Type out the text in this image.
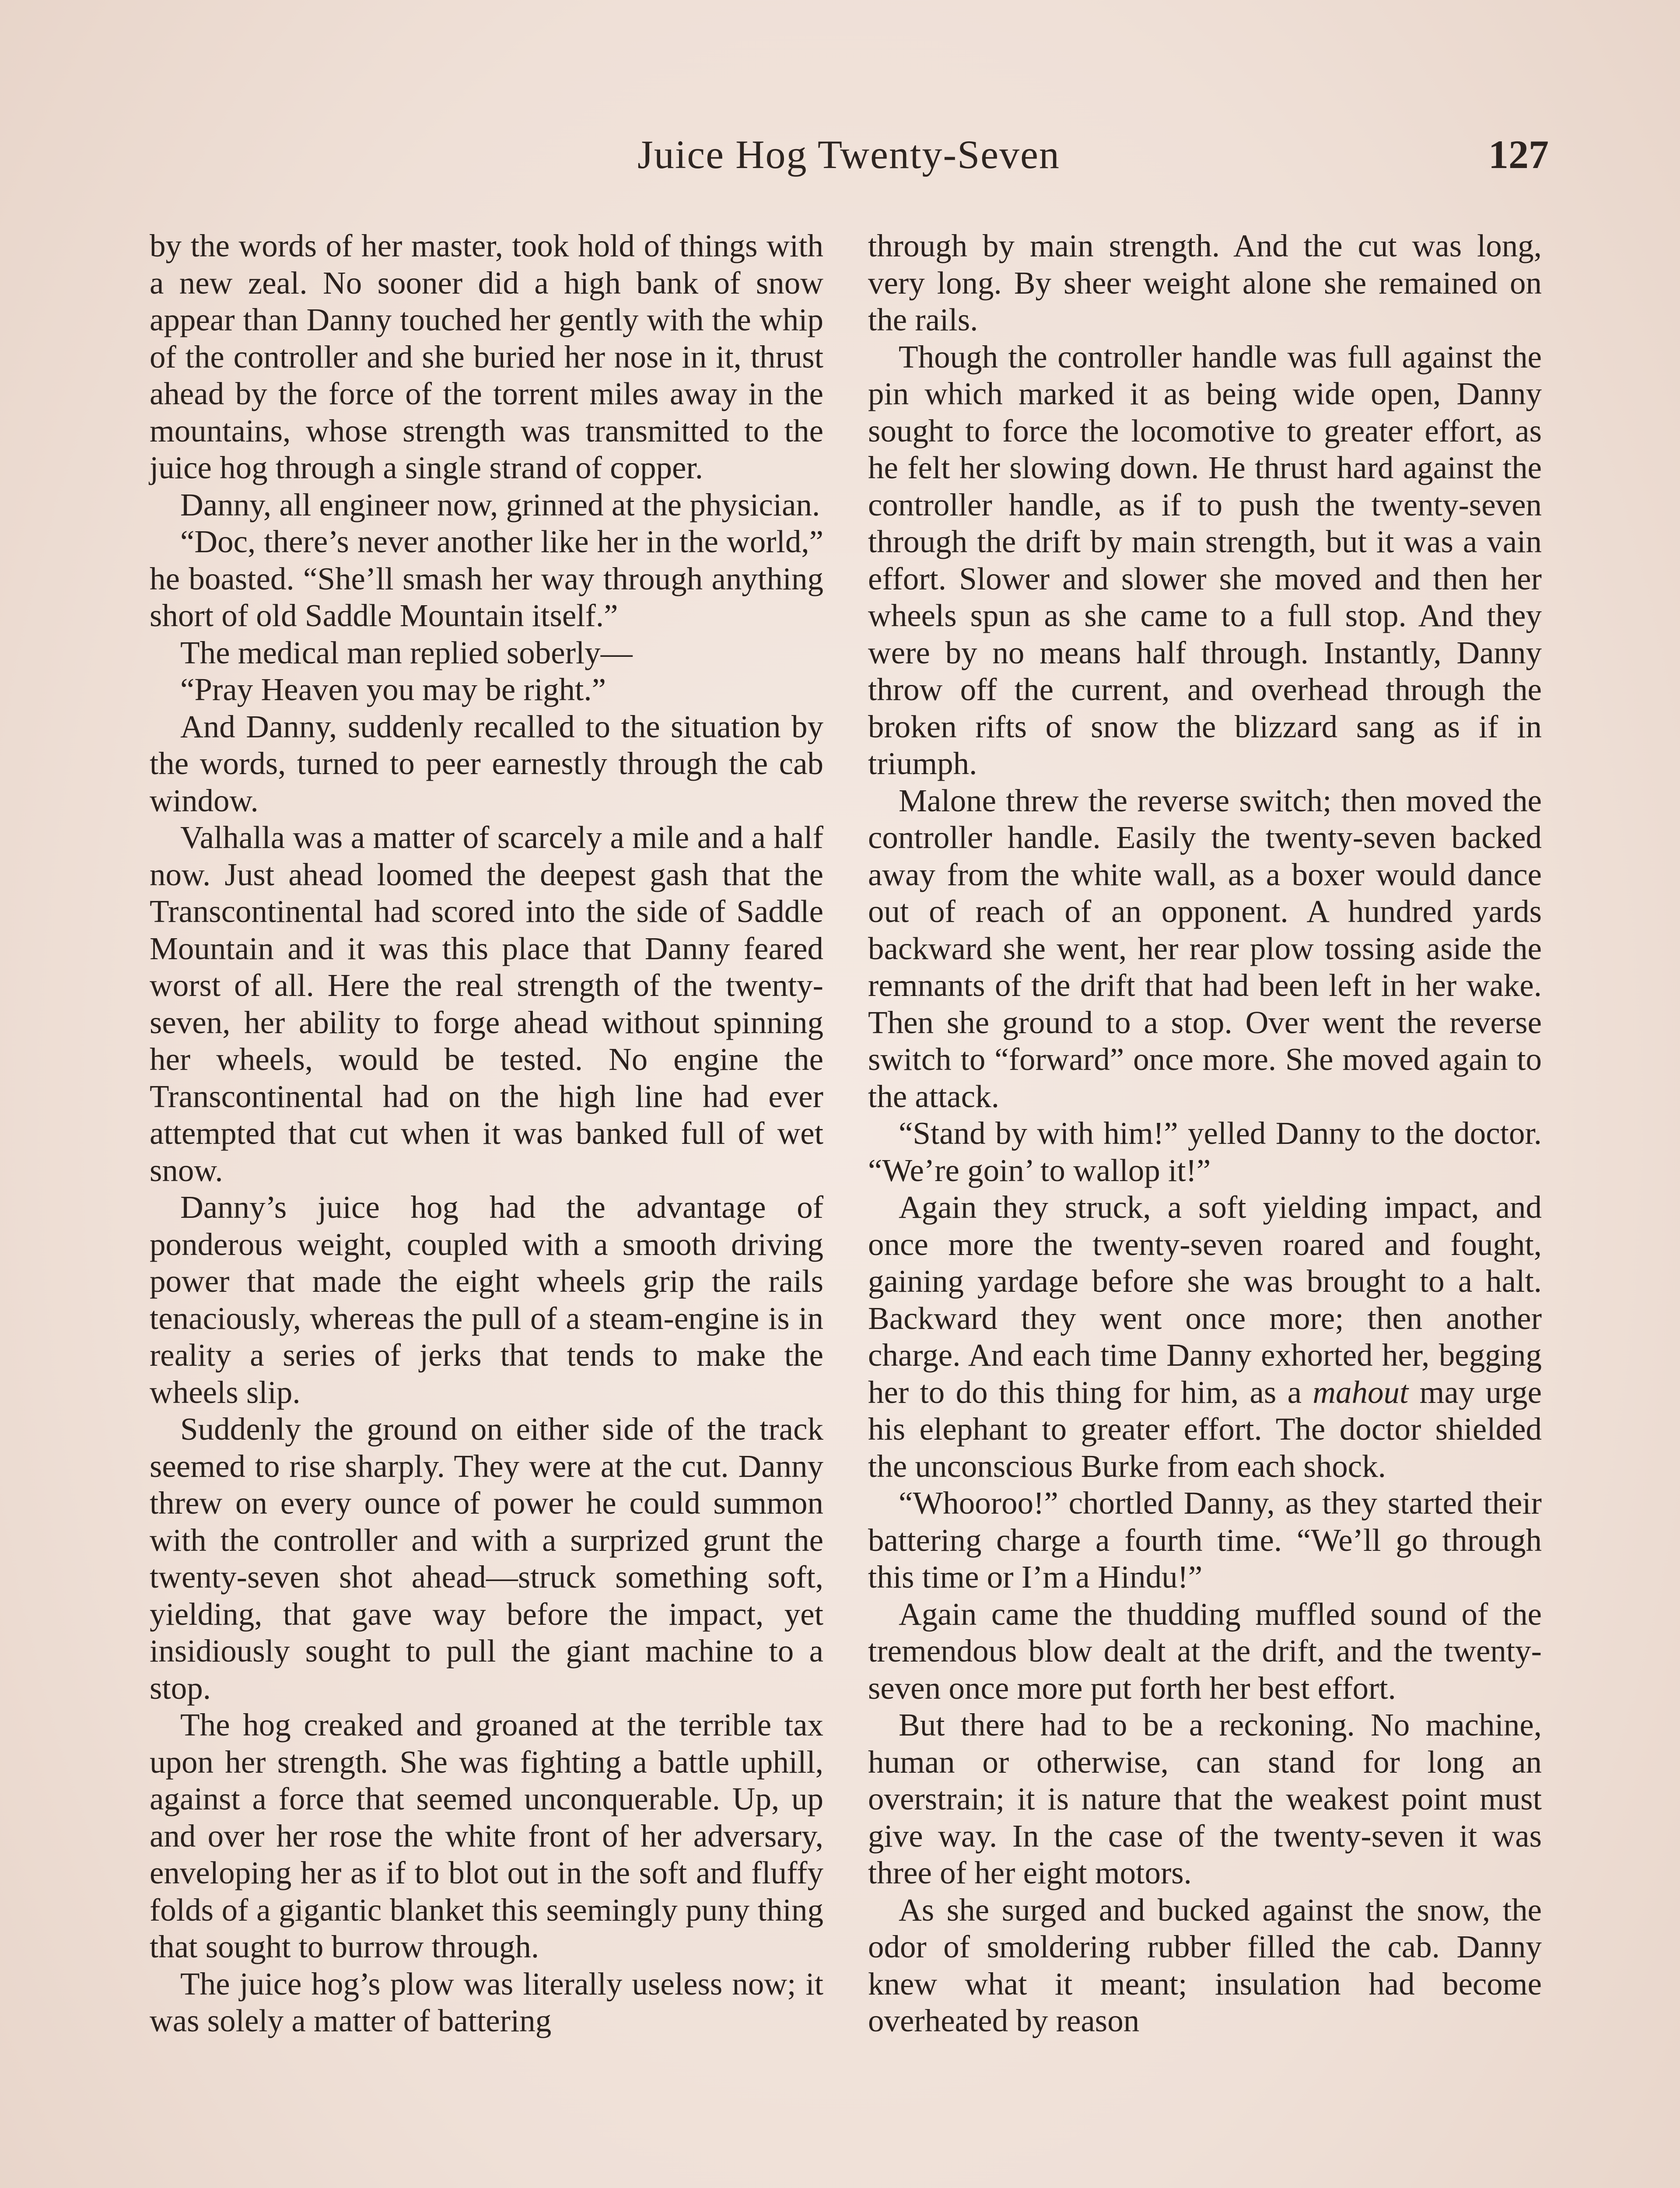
Juice Hog Twenty-Seven	127

by the words of her master, took hold of things with a new zeal. No sooner did a high bank of snow appear than Danny touched her gently with the whip of the controller and she buried her nose in it, thrust ahead by the force of the torrent miles away in the mountains, whose strength was transmitted to the juice hog through a single strand of copper.

Danny, all engineer now, grinned at the physician.

“Doc, there’s never another like her in the world,” he boasted. “She’ll smash her way through anything short of old Saddle Mountain itself.”

The medical man replied soberly—

“Pray Heaven you may be right.”

And Danny, suddenly recalled to the situation by the words, turned to peer earnestly through the cab window.

Valhalla was a matter of scarcely a mile and a half now. Just ahead loomed the deepest gash that the Transcontinental had scored into the side of Saddle Mountain and it was this place that Danny feared worst of all. Here the real strength of the twenty-seven, her ability to forge ahead without spinning her wheels, would be tested. No engine the Transcontinental had on the high line had ever attempted that cut when it was banked full of wet snow.

Danny’s juice hog had the advantage of ponderous weight, coupled with a smooth driving power that made the eight wheels grip the rails tenaciously, whereas the pull of a steam-engine is in reality a series of jerks that tends to make the wheels slip.

Suddenly the ground on either side of the track seemed to rise sharply. They were at the cut. Danny threw on every ounce of power he could summon with the controller and with a surprized grunt the twenty-seven shot ahead—struck something soft, yielding, that gave way before the impact, yet insidiously sought to pull the giant machine to a stop.

The hog creaked and groaned at the terrible tax upon her strength. She was fighting a battle uphill, against a force that seemed unconquerable. Up, up and over her rose the white front of her adversary, enveloping her as if to blot out in the soft and fluffy folds of a gigantic blanket this seemingly puny thing that sought to burrow through.

The juice hog’s plow was literally useless now; it was solely a matter of battering

through by main strength. And the cut was long, very long. By sheer weight alone she remained on the rails.

Though the controller handle was full against the pin which marked it as being wide open, Danny sought to force the locomotive to greater effort, as he felt her slowing down. He thrust hard against the controller handle, as if to push the twenty-seven through the drift by main strength, but it was a vain effort. Slower and slower she moved and then her wheels spun as she came to a full stop. And they were by no means half through. Instantly, Danny throw off the current, and overhead through the broken rifts of snow the blizzard sang as if in triumph.

Malone threw the reverse switch; then moved the controller handle. Easily the twenty-seven backed away from the white wall, as a boxer would dance out of reach of an opponent. A hundred yards backward she went, her rear plow tossing aside the remnants of the drift that had been left in her wake. Then she ground to a stop. Over went the reverse switch to “forward” once more. She moved again to the attack.

“Stand by with him!” yelled Danny to the doctor. “We’re goin’ to wallop it!”

Again they struck, a soft yielding impact, and once more the twenty-seven roared and fought, gaining yardage before she was brought to a halt. Backward they went once more; then another charge. And each time Danny exhorted her, begging her to do this thing for him, as a mahout may urge his elephant to greater effort. The doctor shielded the unconscious Burke from each shock.

“Whooroo!” chortled Danny, as they started their battering charge a fourth time. “We’ll go through this time or I’m a Hindu!”

Again came the thudding muffled sound of the tremendous blow dealt at the drift, and the twenty-seven once more put forth her best effort.

But there had to be a reckoning. No machine, human or otherwise, can stand for long an overstrain; it is nature that the weakest point must give way. In the case of the twenty-seven it was three of her eight motors.

As she surged and bucked against the snow, the odor of smoldering rubber filled the cab. Danny knew what it meant; insulation had become overheated by reason
